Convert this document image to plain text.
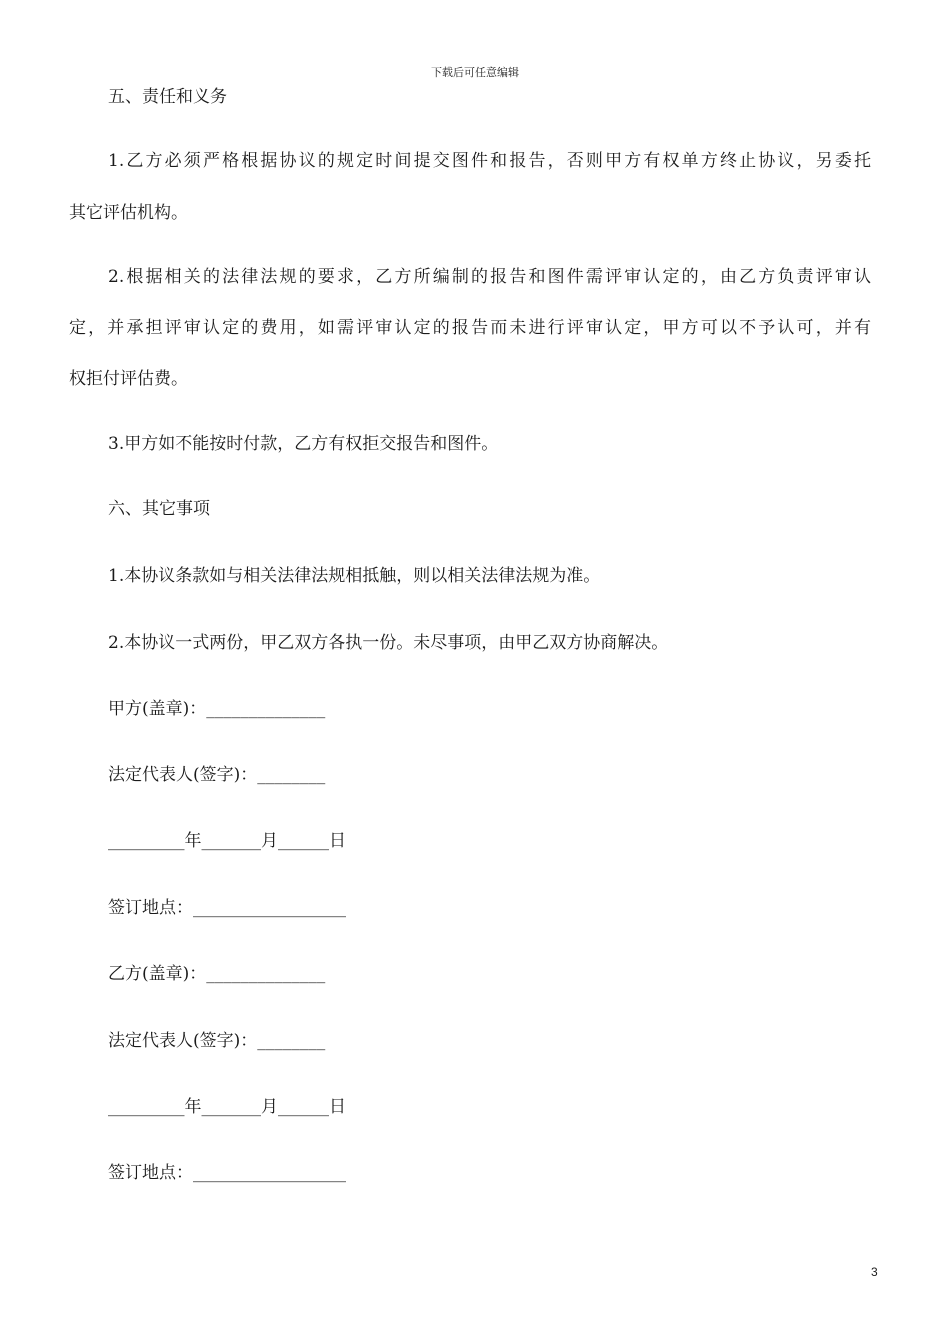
下载后可任意编辑
五、责任和义务
1.乙方必须严格根据协议的规定时间提交图件和报告，否则甲方有权单方终止协议，另委托
其它评估机构。
2.根据相关的法律法规的要求，乙方所编制的报告和图件需评审认定的，由乙方负责评审认
定，并承担评审认定的费用，如需评审认定的报告而未进行评审认定，甲方可以不予认可，并有
权拒付评估费。
3.甲方如不能按时付款，乙方有权拒交报告和图件。
六、其它事项
1.本协议条款如与相关法律法规相抵触，则以相关法律法规为准。
2.本协议一式两份，甲乙双方各执一份。未尽事项，由甲乙双方协商解决。
甲方(盖章)：______________
法定代表人(签字)：________
_________年_______月______日
签订地点：__________________
乙方(盖章)：______________
法定代表人(签字)：________
_________年_______月______日
签订地点：__________________
3
